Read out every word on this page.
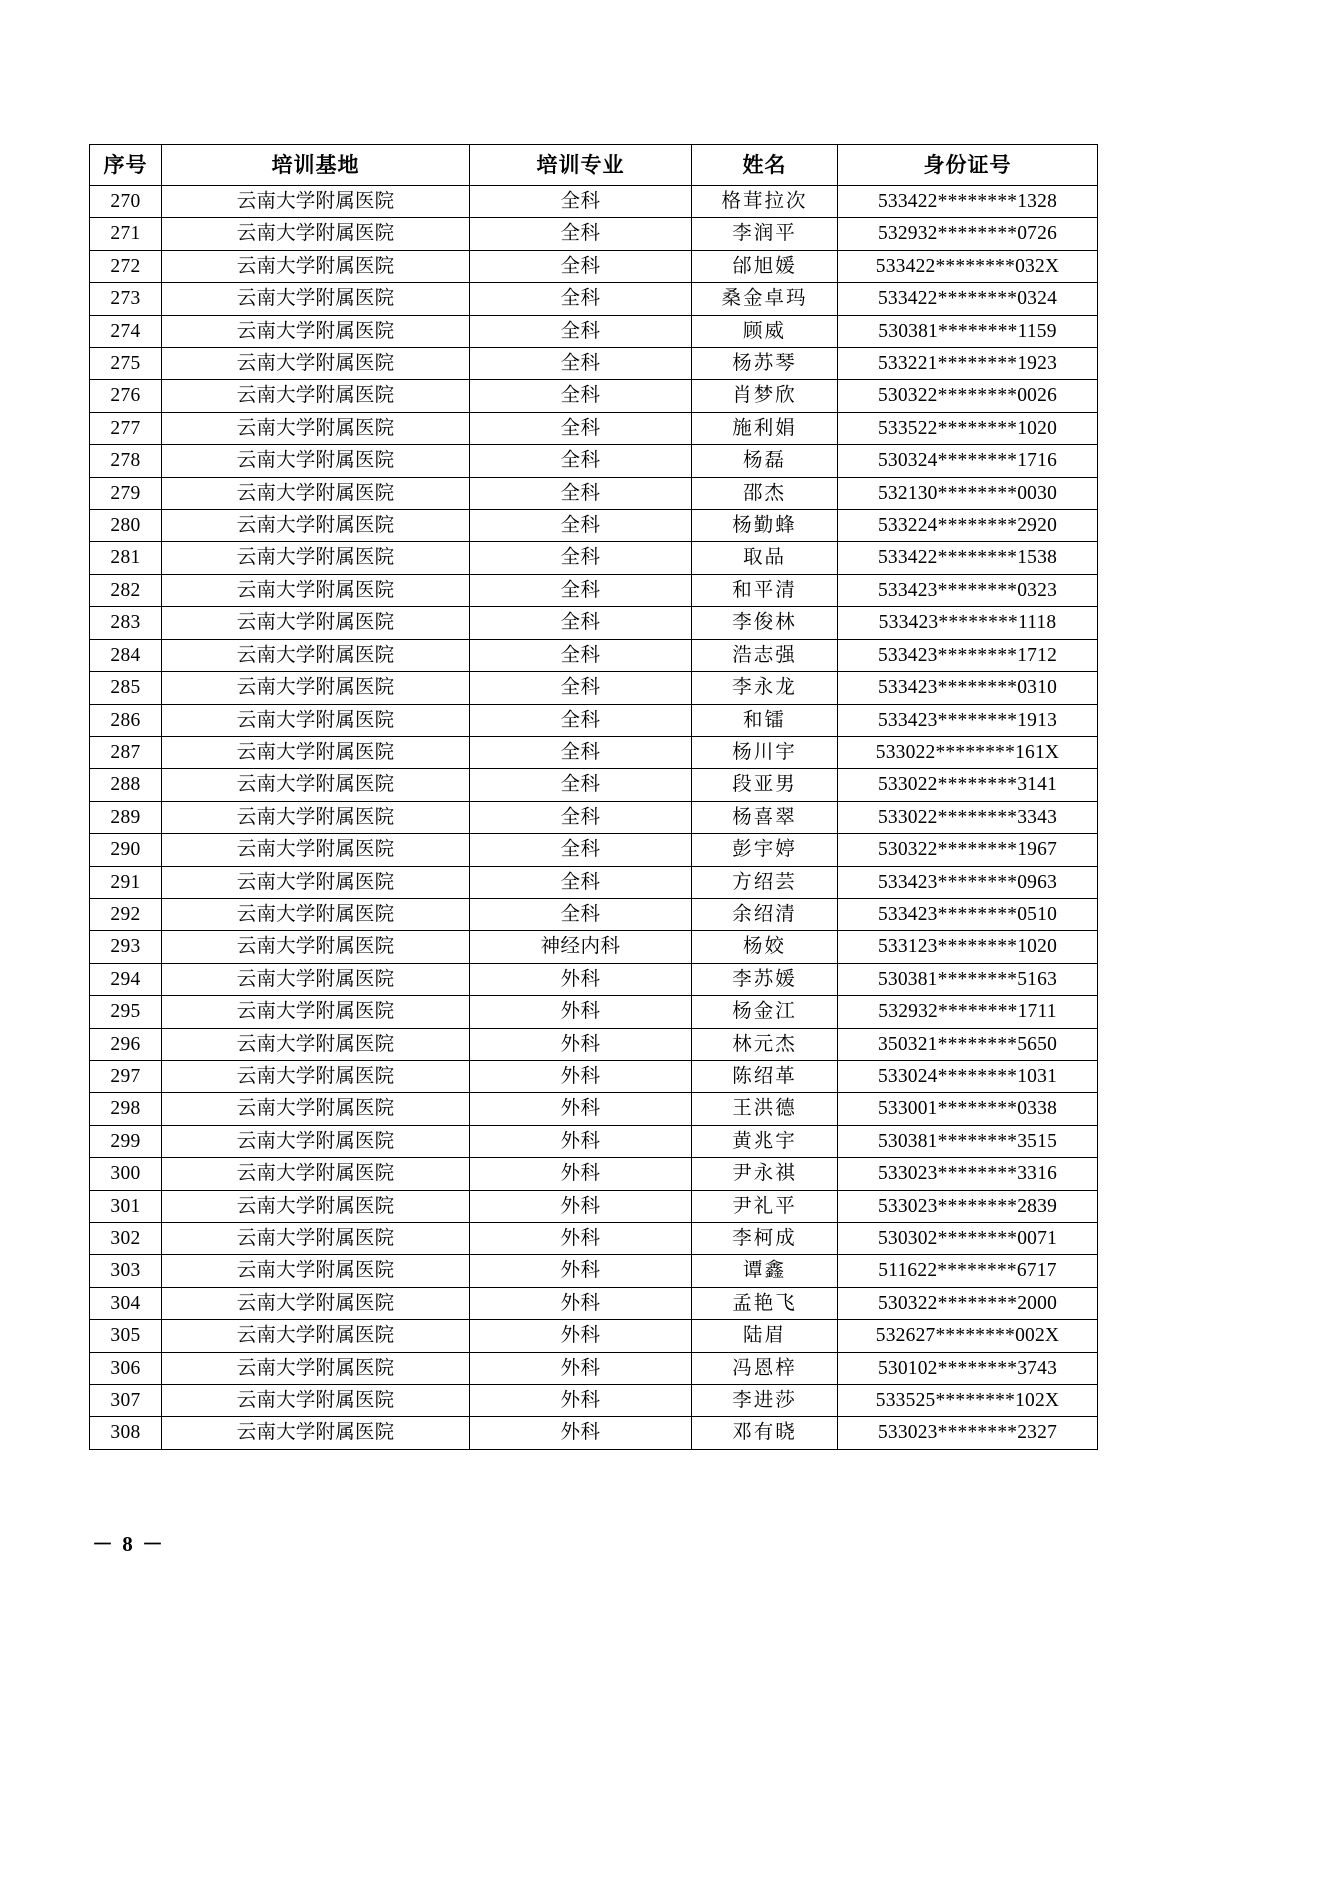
序号	培训基地	培训专业	姓名	身份证号
270	云南大学附属医院	全科	格茸拉次	533422********1328
271	云南大学附属医院	全科	李润平	532932********0726
272	云南大学附属医院	全科	邰旭媛	533422********032X
273	云南大学附属医院	全科	桑金卓玛	533422********0324
274	云南大学附属医院	全科	顾威	530381********1159
275	云南大学附属医院	全科	杨苏琴	533221********1923
276	云南大学附属医院	全科	肖梦欣	530322********0026
277	云南大学附属医院	全科	施利娟	533522********1020
278	云南大学附属医院	全科	杨磊	530324********1716
279	云南大学附属医院	全科	邵杰	532130********0030
280	云南大学附属医院	全科	杨勤蜂	533224********2920
281	云南大学附属医院	全科	取品	533422********1538
282	云南大学附属医院	全科	和平清	533423********0323
283	云南大学附属医院	全科	李俊林	533423********1118
284	云南大学附属医院	全科	浩志强	533423********1712
285	云南大学附属医院	全科	李永龙	533423********0310
286	云南大学附属医院	全科	和镭	533423********1913
287	云南大学附属医院	全科	杨川宇	533022********161X
288	云南大学附属医院	全科	段亚男	533022********3141
289	云南大学附属医院	全科	杨喜翠	533022********3343
290	云南大学附属医院	全科	彭宇婷	530322********1967
291	云南大学附属医院	全科	方绍芸	533423********0963
292	云南大学附属医院	全科	余绍清	533423********0510
293	云南大学附属医院	神经内科	杨姣	533123********1020
294	云南大学附属医院	外科	李苏媛	530381********5163
295	云南大学附属医院	外科	杨金江	532932********1711
296	云南大学附属医院	外科	林元杰	350321********5650
297	云南大学附属医院	外科	陈绍革	533024********1031
298	云南大学附属医院	外科	王洪德	533001********0338
299	云南大学附属医院	外科	黄兆宇	530381********3515
300	云南大学附属医院	外科	尹永祺	533023********3316
301	云南大学附属医院	外科	尹礼平	533023********2839
302	云南大学附属医院	外科	李柯成	530302********0071
303	云南大学附属医院	外科	谭鑫	511622********6717
304	云南大学附属医院	外科	孟艳飞	530322********2000
305	云南大学附属医院	外科	陆眉	532627********002X
306	云南大学附属医院	外科	冯恩梓	530102********3743
307	云南大学附属医院	外科	李进莎	533525********102X
308	云南大学附属医院	外科	邓有晓	533023********2327
－ 8 －
